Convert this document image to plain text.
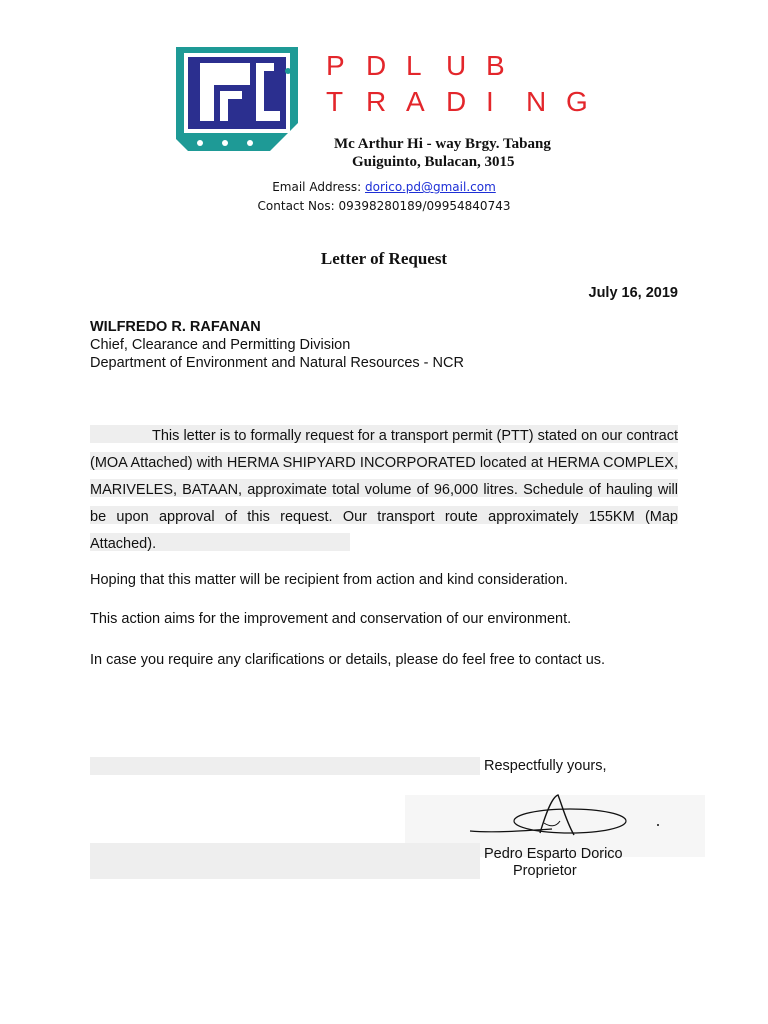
P D L U B
T R A D I N G
Mc Arthur Hi - way Brgy. Tabang
Guiguinto, Bulacan, 3015
Email Address: dorico.pd@gmail.com
Contact Nos: 09398280189/09954840743
Letter of Request
July 16, 2019
WILFREDO R. RAFANAN
Chief, Clearance and Permitting Division
Department of Environment and Natural Resources - NCR
This letter is to formally request for a transport permit (PTT) stated on our contract (MOA Attached) with HERMA SHIPYARD INCORPORATED located at HERMA COMPLEX, MARIVELES, BATAAN, approximate total volume of 96,000 litres. Schedule of hauling will be upon approval of this request. Our transport route approximately 155KM (Map Attached).
Hoping that this matter will be recipient from action and kind consideration.
This action aims for the improvement and conservation of our environment.
In case you require any clarifications or details, please do feel free to contact us.
Respectfully yours,
Pedro Esparto Dorico
Proprietor
